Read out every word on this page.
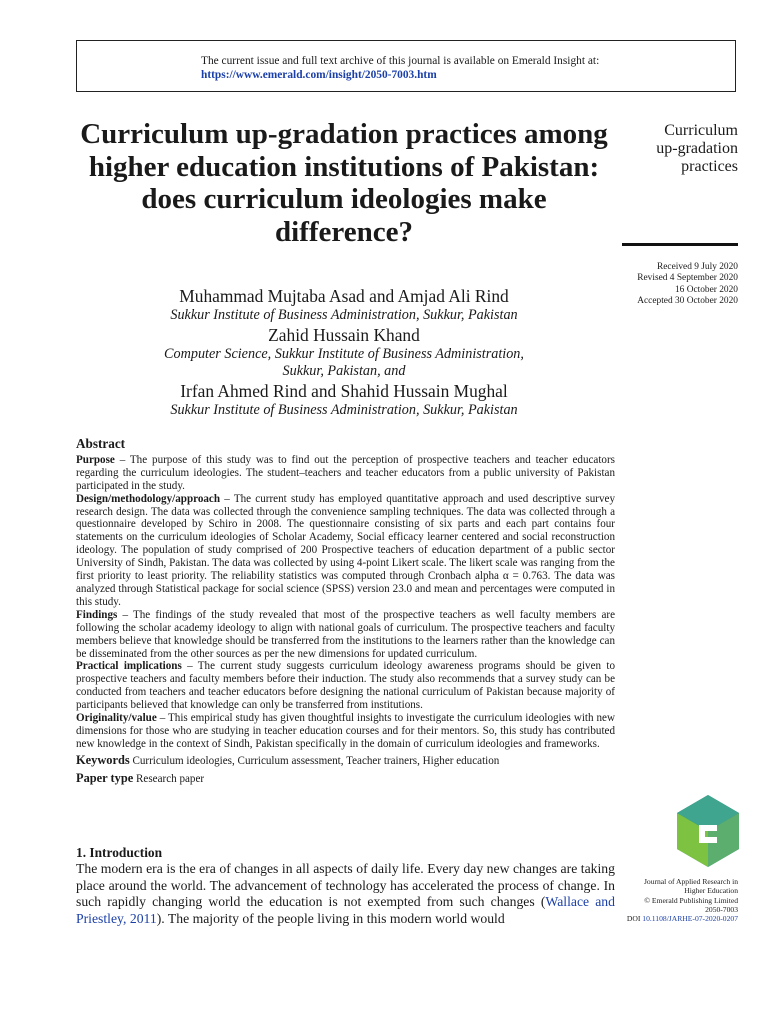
The current issue and full text archive of this journal is available on Emerald Insight at:
https://www.emerald.com/insight/2050-7003.htm
Curriculum up-gradation practices among higher education institutions of Pakistan: does curriculum ideologies make difference?
Curriculum
up-gradation
practices
Received 9 July 2020
Revised 4 September 2020
16 October 2020
Accepted 30 October 2020
Muhammad Mujtaba Asad and Amjad Ali Rind
Sukkur Institute of Business Administration, Sukkur, Pakistan
Zahid Hussain Khand
Computer Science, Sukkur Institute of Business Administration,
Sukkur, Pakistan, and
Irfan Ahmed Rind and Shahid Hussain Mughal
Sukkur Institute of Business Administration, Sukkur, Pakistan
Abstract

Purpose – The purpose of this study was to find out the perception of prospective teachers and teacher educators regarding the curriculum ideologies. The student–teachers and teacher educators from a public university of Pakistan participated in the study.

Design/methodology/approach – The current study has employed quantitative approach and used descriptive survey research design. The data was collected through the convenience sampling techniques. The data was collected through a questionnaire developed by Schiro in 2008. The questionnaire consisting of six parts and each part contains four statements on the curriculum ideologies of Scholar Academy, Social efficacy learner centered and social reconstruction ideology. The population of study comprised of 200 Prospective teachers of education department of a public sector University of Sindh, Pakistan. The data was collected by using 4-point Likert scale. The likert scale was ranging from the first priority to least priority. The reliability statistics was computed through Cronbach alpha α = 0.763. The data was analyzed through Statistical package for social science (SPSS) version 23.0 and mean and percentages were computed in this study.

Findings – The findings of the study revealed that most of the prospective teachers as well faculty members are following the scholar academy ideology to align with national goals of curriculum. The prospective teachers and faculty members believe that knowledge should be transferred from the institutions to the learners rather than the knowledge can be disseminated from the other sources as per the new dimensions for updated curriculum.

Practical implications – The current study suggests curriculum ideology awareness programs should be given to prospective teachers and faculty members before their induction. The study also recommends that a survey study can be conducted from teachers and teacher educators before designing the national curriculum of Pakistan because majority of participants believed that knowledge can only be transferred from institutions.

Originality/value – This empirical study has given thoughtful insights to investigate the curriculum ideologies with new dimensions for those who are studying in teacher education courses and for their mentors. So, this study has contributed new knowledge in the context of Sindh, Pakistan specifically in the domain of curriculum ideologies and frameworks.

Keywords Curriculum ideologies, Curriculum assessment, Teacher trainers, Higher education
Paper type Research paper
1. Introduction
The modern era is the era of changes in all aspects of daily life. Every day new changes are taking place around the world. The advancement of technology has accelerated the process of change. In such rapidly changing world the education is not exempted from such changes (Wallace and Priestley, 2011). The majority of the people living in this modern world would
Journal of Applied Research in
Higher Education
© Emerald Publishing Limited
2050-7003
DOI 10.1108/JARHE-07-2020-0207
